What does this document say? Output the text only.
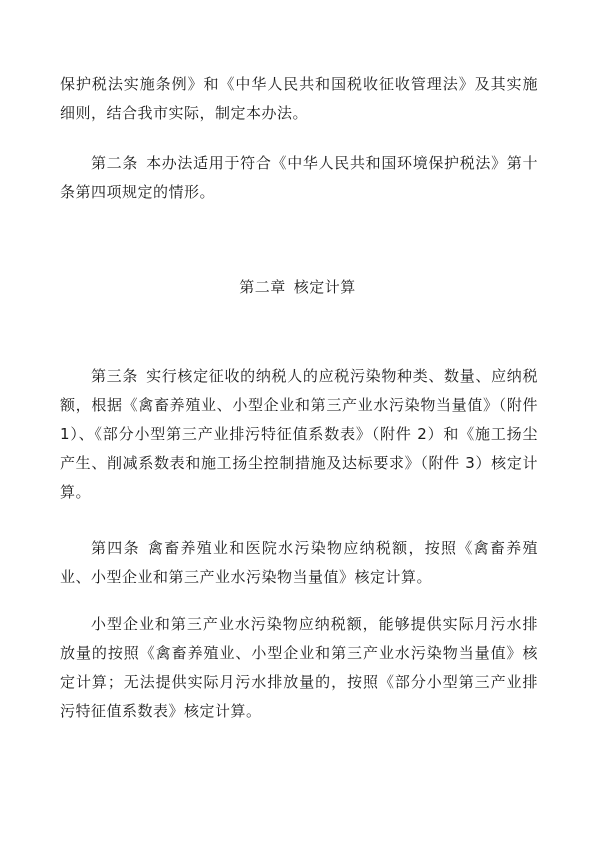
保护税法实施条例》和《中华人民共和国税收征收管理法》及其实施细则，结合我市实际，制定本办法。
第二条 本办法适用于符合《中华人民共和国环境保护税法》第十条第四项规定的情形。
第二章 核定计算
第三条 实行核定征收的纳税人的应税污染物种类、数量、应纳税额，根据《禽畜养殖业、小型企业和第三产业水污染物当量值》（附件 1）、《部分小型第三产业排污特征值系数表》（附件 2）和《施工扬尘产生、削减系数表和施工扬尘控制措施及达标要求》（附件 3）核定计算。
第四条 禽畜养殖业和医院水污染物应纳税额，按照《禽畜养殖业、小型企业和第三产业水污染物当量值》核定计算。
小型企业和第三产业水污染物应纳税额，能够提供实际月污水排放量的按照《禽畜养殖业、小型企业和第三产业水污染物当量值》核定计算；无法提供实际月污水排放量的，按照《部分小型第三产业排污特征值系数表》核定计算。
